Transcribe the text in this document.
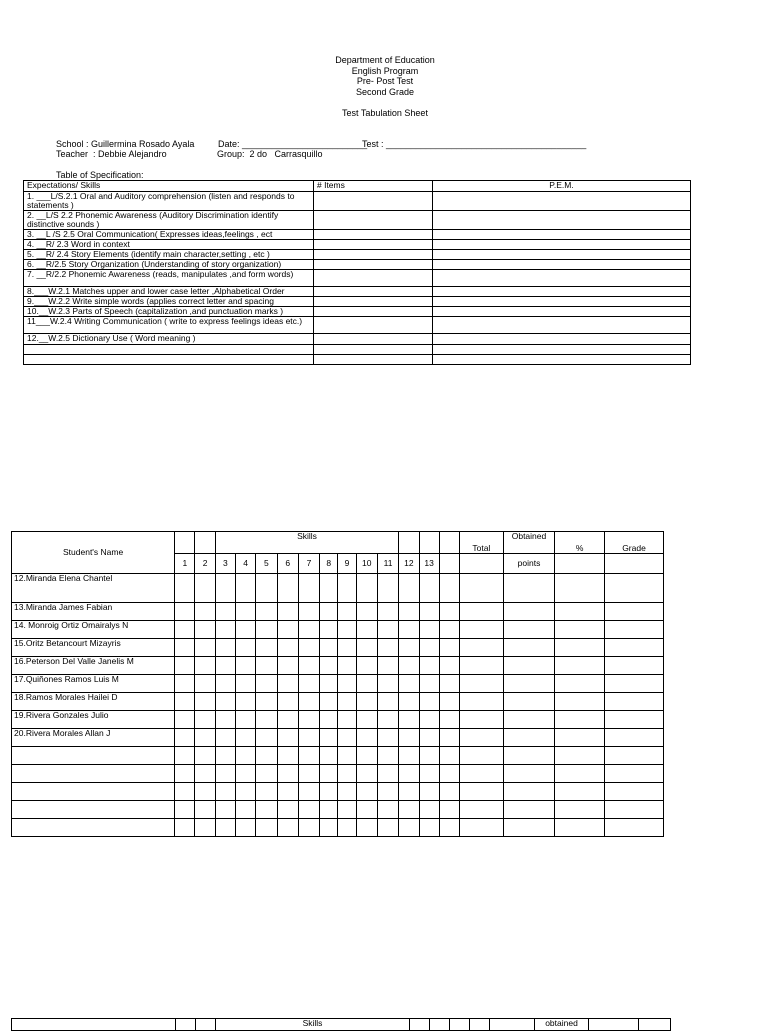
Department of Education
English Program
Pre- Post Test
Second Grade
Test Tabulation Sheet
School : Guillermina Rosado Ayala	Date: _________________________
Test : ________________________________________
Teacher  : Debbie Alejandro	Group:  2 do   Carrasquillo
Table of Specification:
Expectations/ Skills	# Items	P.E.M.
1. ___L/S.2.1 Oral and Auditory comprehension (listen and responds to statements )		
2. __L/S 2.2 Phonemic Awareness (Auditory Discrimination identify distinctive sounds )		
3. __L /S 2.5 Oral Communication( Expresses ideas,feelings , ect		
4. __R/ 2.3 Word in context		
5. __R/ 2.4 Story Elements (identify main character,setting , etc )		
6. __R/2.5 Story Organization (Understanding of story organization)		
7. __R/2.2 Phonemic Awareness (reads, manipulates ,and form words)		
8.___W.2.1 Matches upper and lower case letter ,Alphabetical Order		
9.___W.2.2 Write simple words (applies correct letter and spacing		
10.__W.2.3 Parts of Speech (capitalization ,and punctuation marks )		
11___W.2.4 Writing Communication ( write to express feelings ideas etc.)		
12.__W.2.5 Dictionary Use ( Word meaning )		

Student's Name			Skills												Total	Obtained	%	Grade
	1	2	3	4	5	6	7	8	9	10	11	12	13			points		
12.Miranda Elena Chantel																		
13.Miranda James Fabian																		
14. Monroig Ortiz Omairalys N																		
15.Oritz Betancourt Mizayris																		
16.Peterson Del Valle Janelis M																		
17.Quiñones Ramos Luis M																		
18.Ramos Morales Hailei D																		
19.Rivera Gonzales Julio																		
20.Rivera Morales Allan J																		

			Skills						obtained		
